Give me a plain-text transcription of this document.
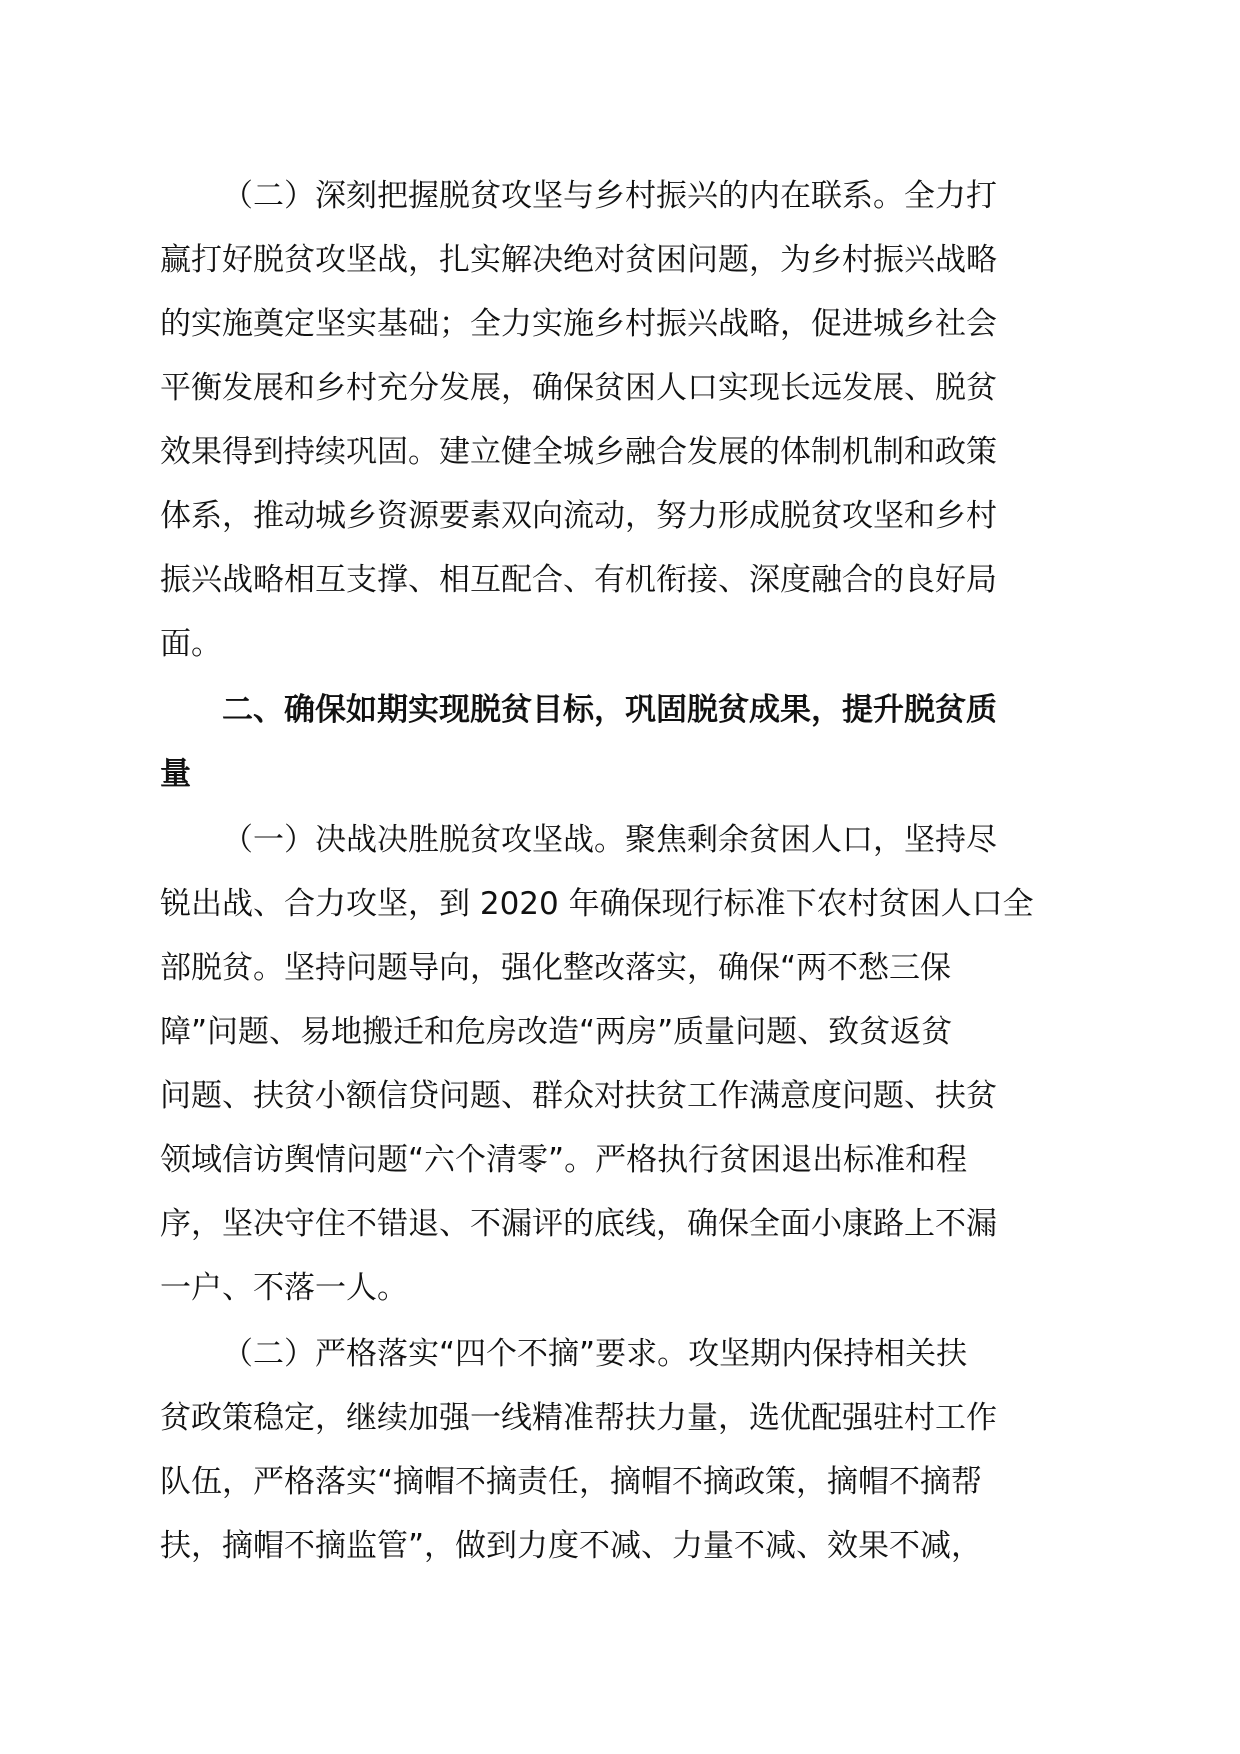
（二）深刻把握脱贫攻坚与乡村振兴的内在联系。全力打
赢打好脱贫攻坚战，扎实解决绝对贫困问题，为乡村振兴战略
的实施奠定坚实基础；全力实施乡村振兴战略，促进城乡社会
平衡发展和乡村充分发展，确保贫困人口实现长远发展、脱贫
效果得到持续巩固。建立健全城乡融合发展的体制机制和政策
体系，推动城乡资源要素双向流动，努力形成脱贫攻坚和乡村
振兴战略相互支撑、相互配合、有机衔接、深度融合的良好局
面。
二、确保如期实现脱贫目标，巩固脱贫成果，提升脱贫质
量
（一）决战决胜脱贫攻坚战。聚焦剩余贫困人口，坚持尽
锐出战、合力攻坚，到 2020 年确保现行标准下农村贫困人口全
部脱贫。坚持问题导向，强化整改落实，确保“两不愁三保
障”问题、易地搬迁和危房改造“两房”质量问题、致贫返贫
问题、扶贫小额信贷问题、群众对扶贫工作满意度问题、扶贫
领域信访舆情问题“六个清零”。严格执行贫困退出标准和程
序，坚决守住不错退、不漏评的底线，确保全面小康路上不漏
一户、不落一人。
（二）严格落实“四个不摘”要求。攻坚期内保持相关扶
贫政策稳定，继续加强一线精准帮扶力量，选优配强驻村工作
队伍，严格落实“摘帽不摘责任，摘帽不摘政策，摘帽不摘帮
扶，摘帽不摘监管”，做到力度不减、力量不减、效果不减，
